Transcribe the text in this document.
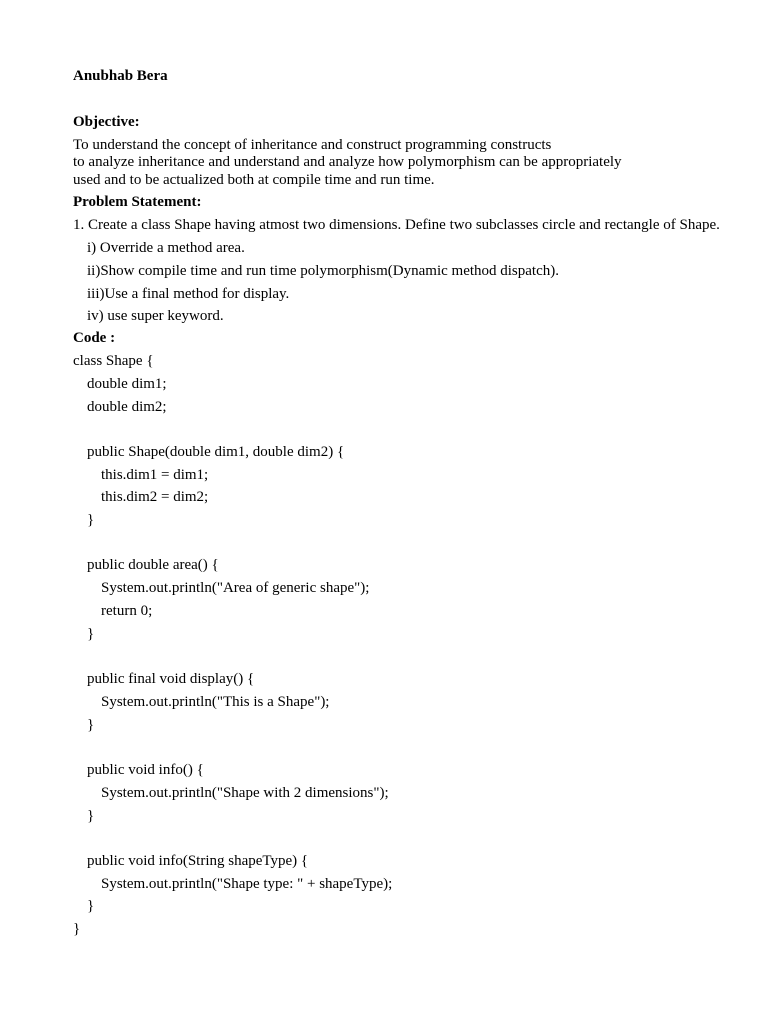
Anubhab Bera
Objective:
To understand the concept of inheritance and construct programming constructs
to analyze inheritance and understand and analyze how polymorphism can be appropriately
used and to be actualized both at compile time and run time.
Problem Statement:
1. Create a class Shape having atmost two dimensions. Define two subclasses circle and rectangle of Shape.
i) Override a method area.
ii)Show compile time and run time polymorphism(Dynamic method dispatch).
iii)Use a final method for display.
iv) use super keyword.
Code :
class Shape {
double dim1;
double dim2;
public Shape(double dim1, double dim2) {
this.dim1 = dim1;
this.dim2 = dim2;
}
public double area() {
System.out.println("Area of generic shape");
return 0;
}
public final void display() {
System.out.println("This is a Shape");
}
public void info() {
System.out.println("Shape with 2 dimensions");
}
public void info(String shapeType) {
System.out.println("Shape type: " + shapeType);
}
}
